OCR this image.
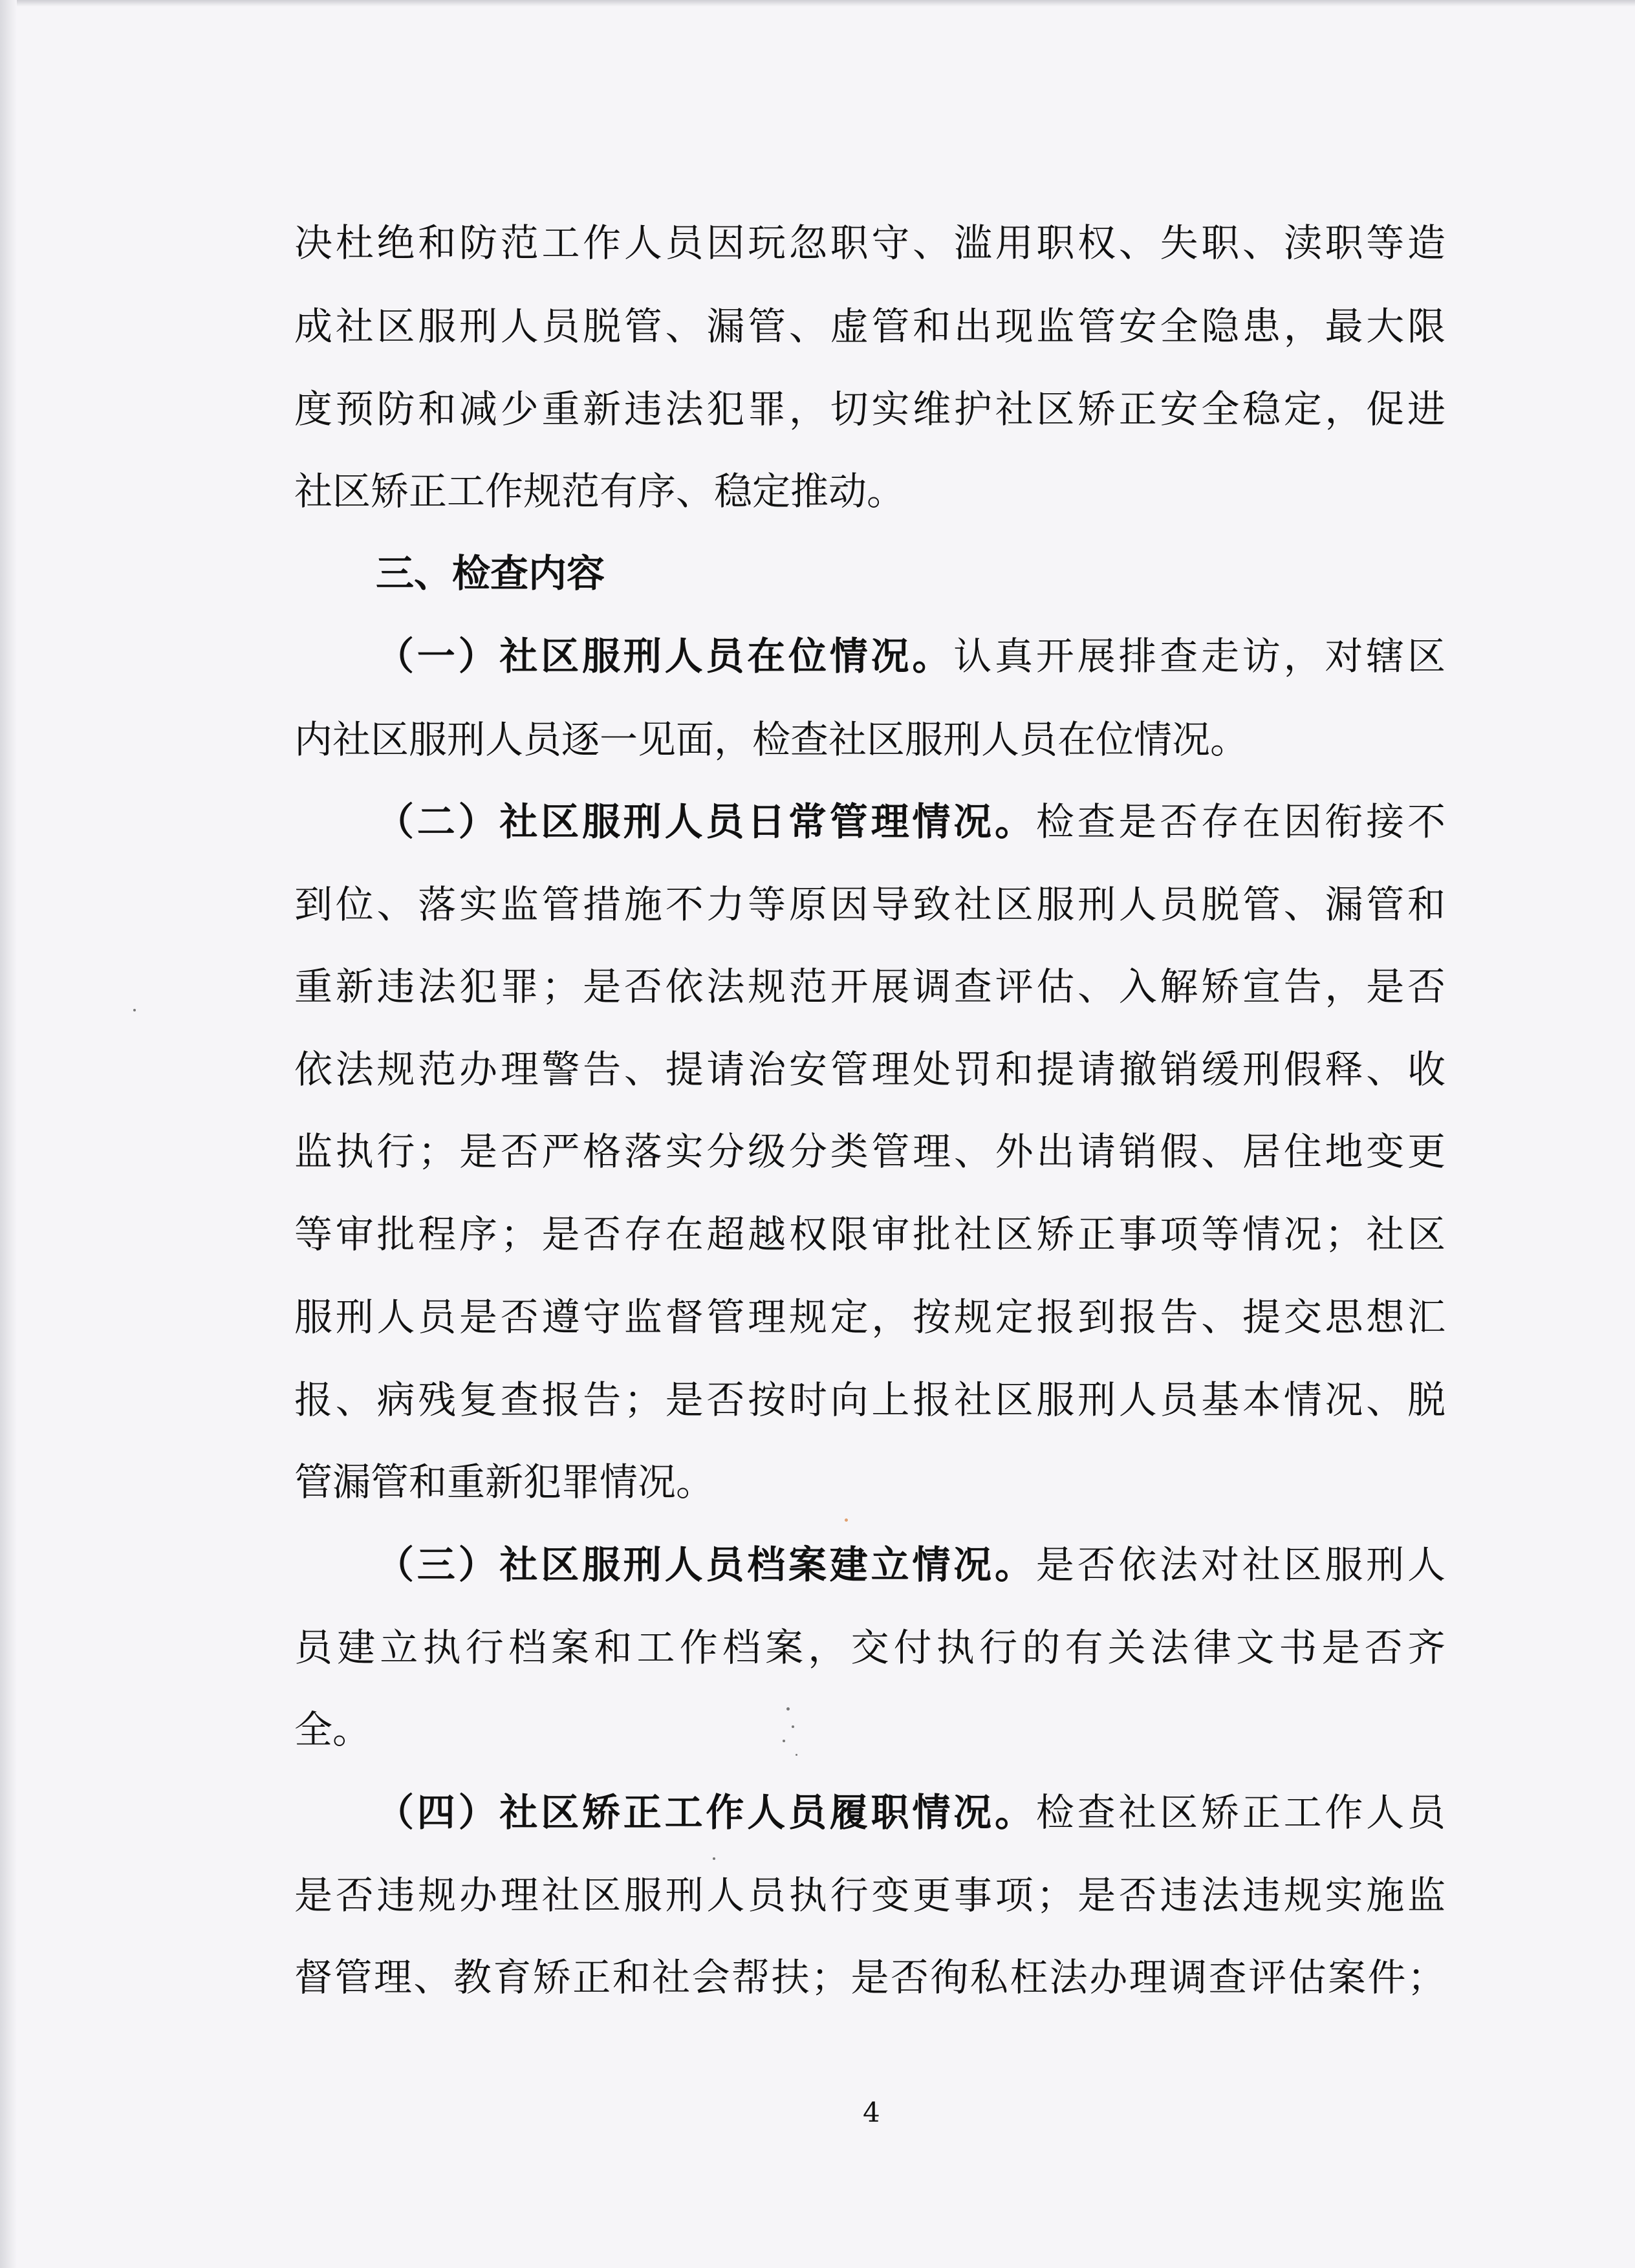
决杜绝和防范工作人员因玩忽职守、滥用职权、失职、渎职等造
成社区服刑人员脱管、漏管、虚管和出现监管安全隐患，最大限
度预防和减少重新违法犯罪，切实维护社区矫正安全稳定，促进
社区矫正工作规范有序、稳定推动。
三、检查内容
（一）社区服刑人员在位情况。认真开展排查走访，对辖区
内社区服刑人员逐一见面，检查社区服刑人员在位情况。
（二）社区服刑人员日常管理情况。检查是否存在因衔接不
到位、落实监管措施不力等原因导致社区服刑人员脱管、漏管和
重新违法犯罪；是否依法规范开展调查评估、入解矫宣告，是否
依法规范办理警告、提请治安管理处罚和提请撤销缓刑假释、收
监执行；是否严格落实分级分类管理、外出请销假、居住地变更
等审批程序；是否存在超越权限审批社区矫正事项等情况；社区
服刑人员是否遵守监督管理规定，按规定报到报告、提交思想汇
报、病残复查报告；是否按时向上报社区服刑人员基本情况、脱
管漏管和重新犯罪情况。
（三）社区服刑人员档案建立情况。是否依法对社区服刑人
员建立执行档案和工作档案，交付执行的有关法律文书是否齐
全。
（四）社区矫正工作人员履职情况。检查社区矫正工作人员
是否违规办理社区服刑人员执行变更事项；是否违法违规实施监
督管理、教育矫正和社会帮扶；是否徇私枉法办理调查评估案件；
4
